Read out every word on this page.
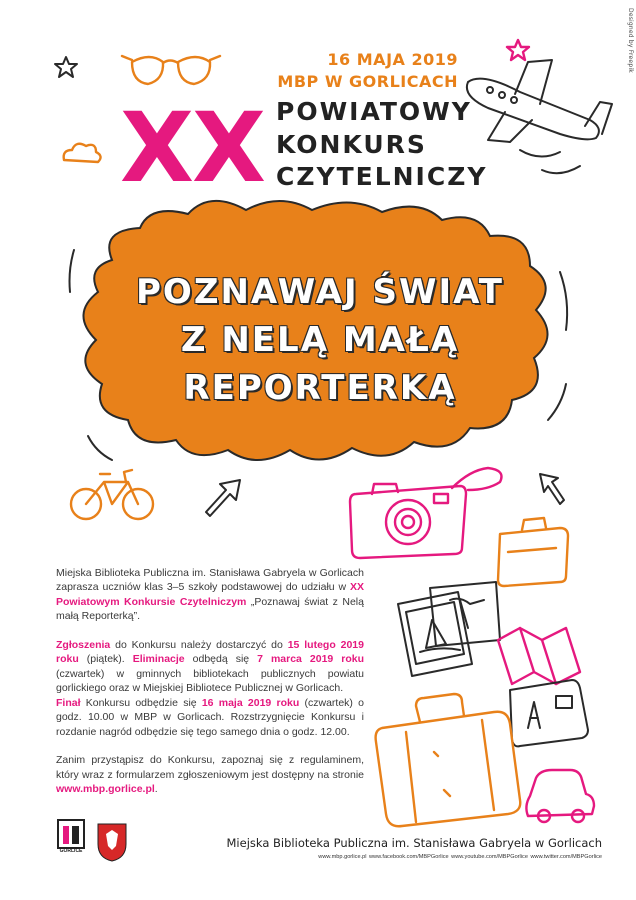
Designed by Freepik
16 MAJA 2019
MBP W GORLICACH
XX POWIATOWY
KONKURS
CZYTELNICZY
POZNAWAJ ŚWIAT
Z NELĄ MAŁĄ
REPORTERKĄ

Miejska Biblioteka Publiczna im. Stanisława Gabryela w Gorlicach zaprasza uczniów klas 3–5 szkoły podstawowej do udziału w XX Powiatowym Konkursie Czytelniczym „Poznawaj świat z Nelą małą Reporterką”.

Zgłoszenia do Konkursu należy dostarczyć do 15 lutego 2019 roku (piątek). Eliminacje odbędą się 7 marca 2019 roku (czwartek) w gminnych bibliotekach publicznych powiatu gorlickiego oraz w Miejskiej Bibliotece Publicznej w Gorlicach.

Finał Konkursu odbędzie się 16 maja 2019 roku (czwartek) o godz. 10.00 w MBP w Gorlicach. Rozstrzygnięcie Konkursu i rozdanie nagród odbędzie się tego samego dnia o godz. 12.00.

Zanim przystąpisz do Konkursu, zapoznaj się z regulaminem, który wraz z formularzem zgłoszeniowym jest dostępny na stronie www.mbp.gorlice.pl.

GORLICE
Miejska Biblioteka Publiczna im. Stanisława Gabryela w Gorlicach
www.mbp.gorlice.pl www.facebook.com/MBPGorlice www.youtube.com/MBPGorlice www.twitter.com/MBPGorlice
